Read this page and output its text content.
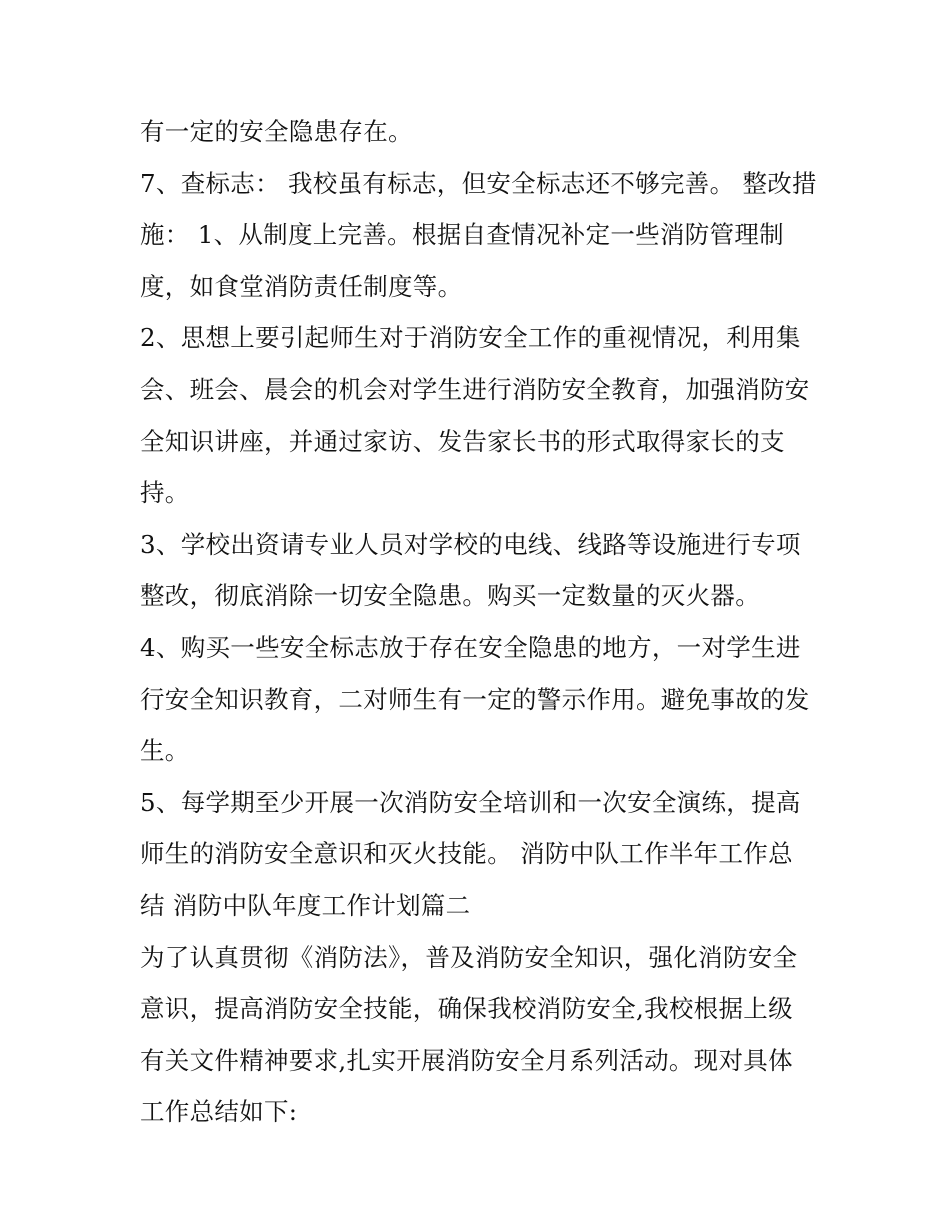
有一定的安全隐患存在。
7、查标志： 我校虽有标志，但安全标志还不够完善。 整改措
施： 1、从制度上完善。根据自查情况补定一些消防管理制
度，如食堂消防责任制度等。
2、思想上要引起师生对于消防安全工作的重视情况，利用集
会、班会、晨会的机会对学生进行消防安全教育，加强消防安
全知识讲座，并通过家访、发告家长书的形式取得家长的支
持。
3、学校出资请专业人员对学校的电线、线路等设施进行专项
整改，彻底消除一切安全隐患。购买一定数量的灭火器。
4、购买一些安全标志放于存在安全隐患的地方，一对学生进
行安全知识教育，二对师生有一定的警示作用。避免事故的发
生。
5、每学期至少开展一次消防安全培训和一次安全演练，提高
师生的消防安全意识和灭火技能。 消防中队工作半年工作总
结 消防中队年度工作计划篇二
为了认真贯彻《消防法》，普及消防安全知识，强化消防安全
意识，提高消防安全技能，确保我校消防安全,我校根据上级
有关文件精神要求,扎实开展消防安全月系列活动。现对具体
工作总结如下:
